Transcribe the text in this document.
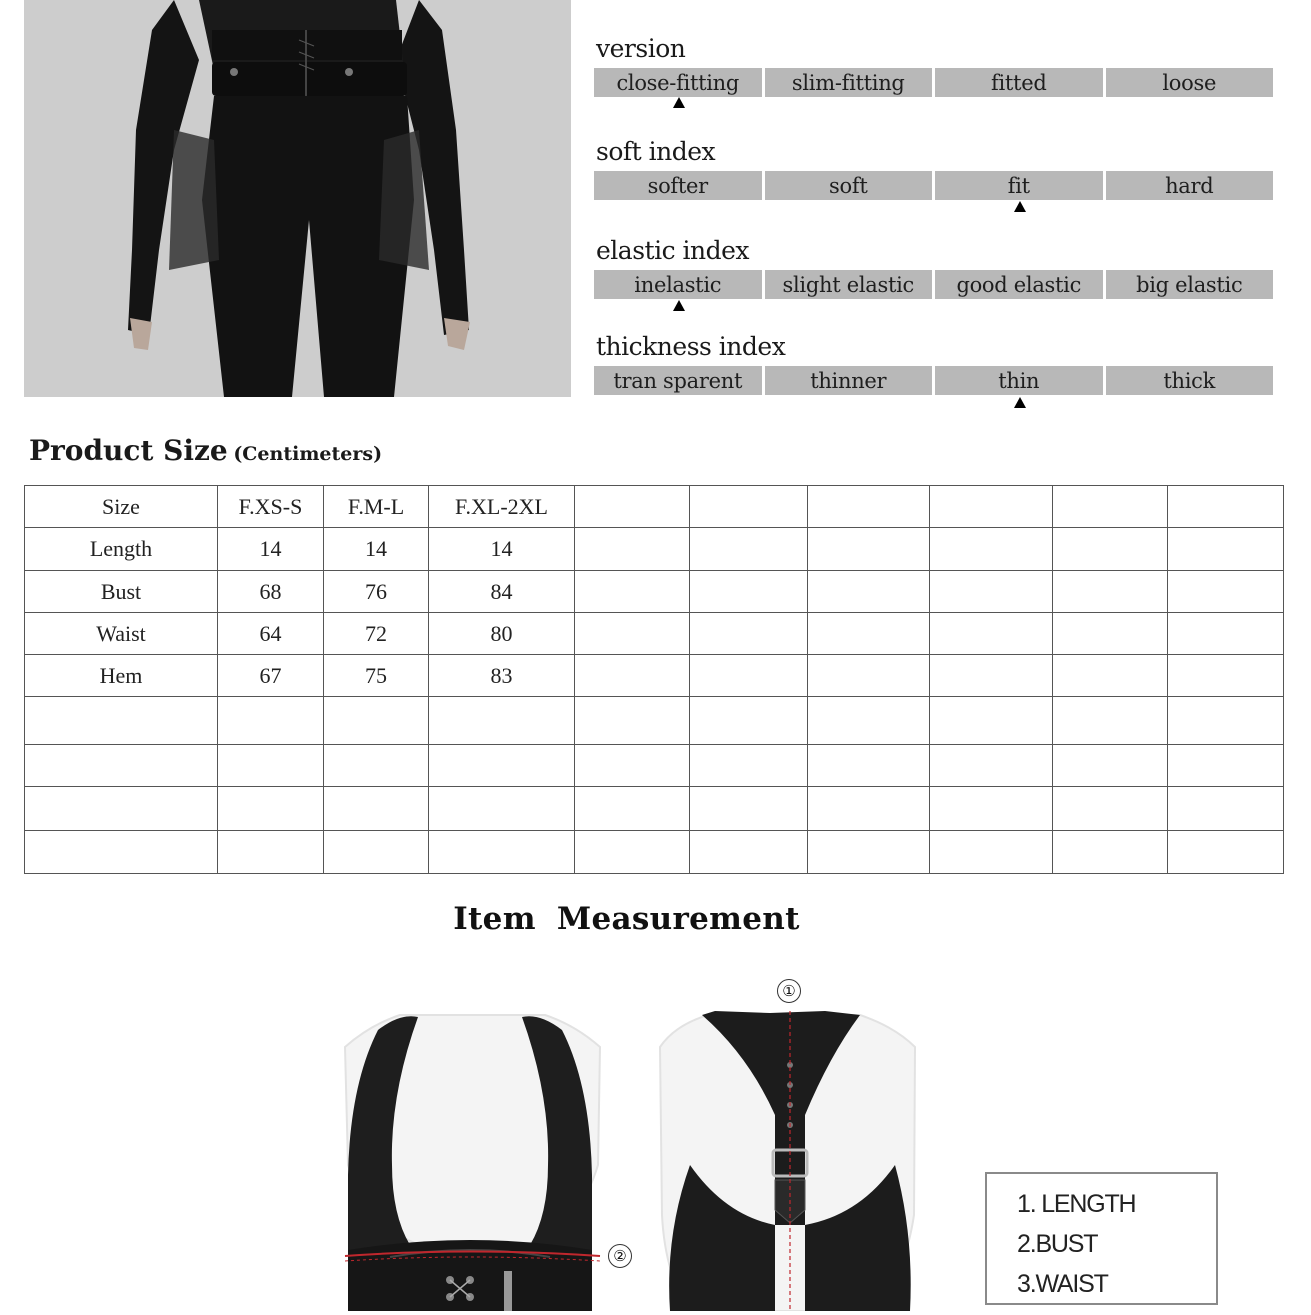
version
close-fitting	slim-fitting	fitted	loose
soft index
softer	soft	fit	hard
elastic index
inelastic	slight elastic	good elastic	big elastic
thickness index
tran sparent	thinner	thin	thick
Product Size (Centimeters)
Size	F.XS-S	F.M-L	F.XL-2XL						
Length	14	14	14						
Bust	68	76	84						
Waist	64	72	80						
Hem	67	75	83						

Item Measurement
①
②
1. LENGTH
2.BUST
3.WAIST
